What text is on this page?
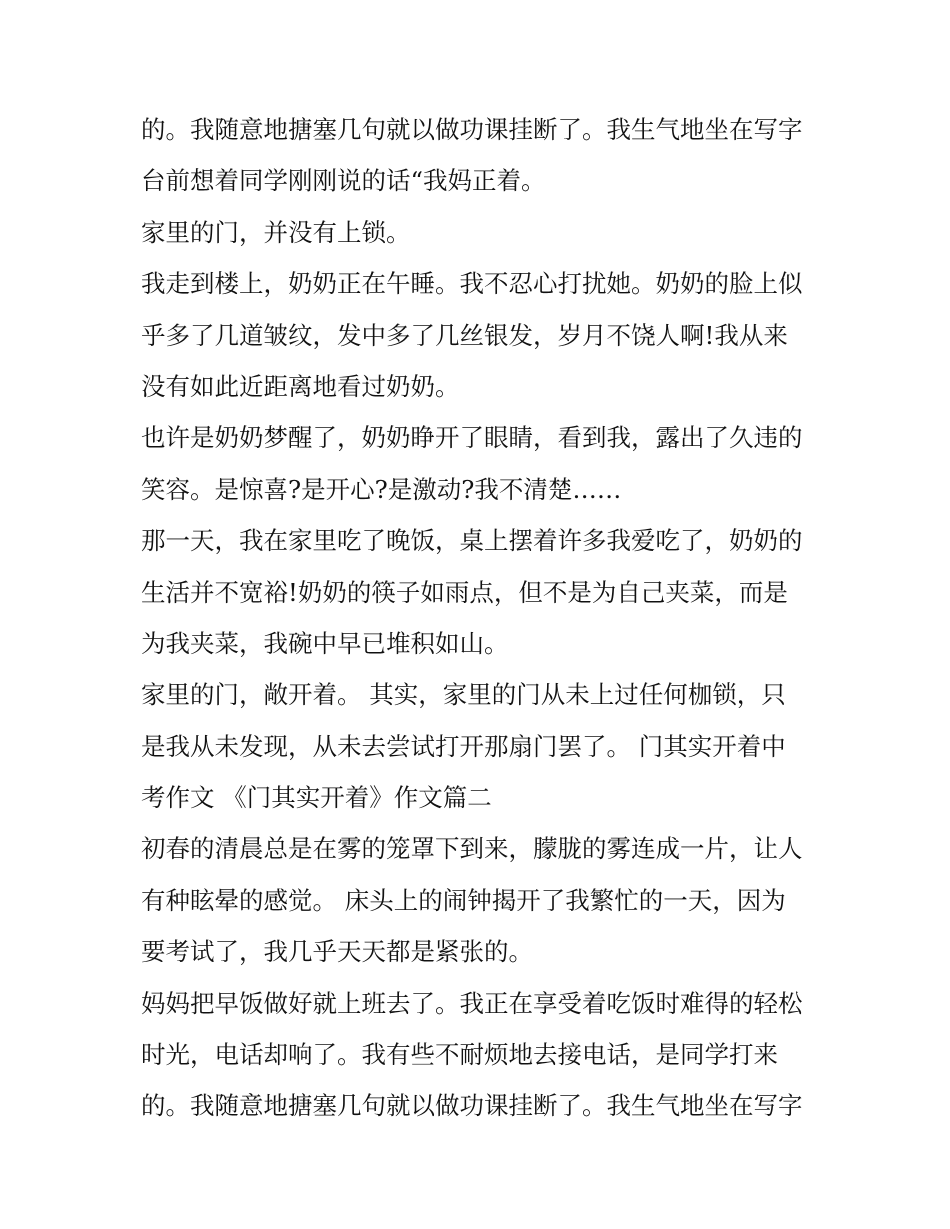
的。我随意地搪塞几句就以做功课挂断了。我生气地坐在写字
台前想着同学刚刚说的话“我妈正着。
家里的门，并没有上锁。
我走到楼上，奶奶正在午睡。我不忍心打扰她。奶奶的脸上似
乎多了几道皱纹，发中多了几丝银发，岁月不饶人啊!我从来
没有如此近距离地看过奶奶。
也许是奶奶梦醒了，奶奶睁开了眼睛，看到我，露出了久违的
笑容。是惊喜?是开心?是激动?我不清楚……
那一天，我在家里吃了晚饭，桌上摆着许多我爱吃了，奶奶的
生活并不宽裕!奶奶的筷子如雨点，但不是为自己夹菜，而是
为我夹菜，我碗中早已堆积如山。
家里的门，敞开着。 其实，家里的门从未上过任何枷锁，只
是我从未发现，从未去尝试打开那扇门罢了。 门其实开着中
考作文 《门其实开着》作文篇二
初春的清晨总是在雾的笼罩下到来，朦胧的雾连成一片，让人
有种眩晕的感觉。 床头上的闹钟揭开了我繁忙的一天，因为
要考试了，我几乎天天都是紧张的。
妈妈把早饭做好就上班去了。我正在享受着吃饭时难得的轻松
时光，电话却响了。我有些不耐烦地去接电话，是同学打来
的。我随意地搪塞几句就以做功课挂断了。我生气地坐在写字
